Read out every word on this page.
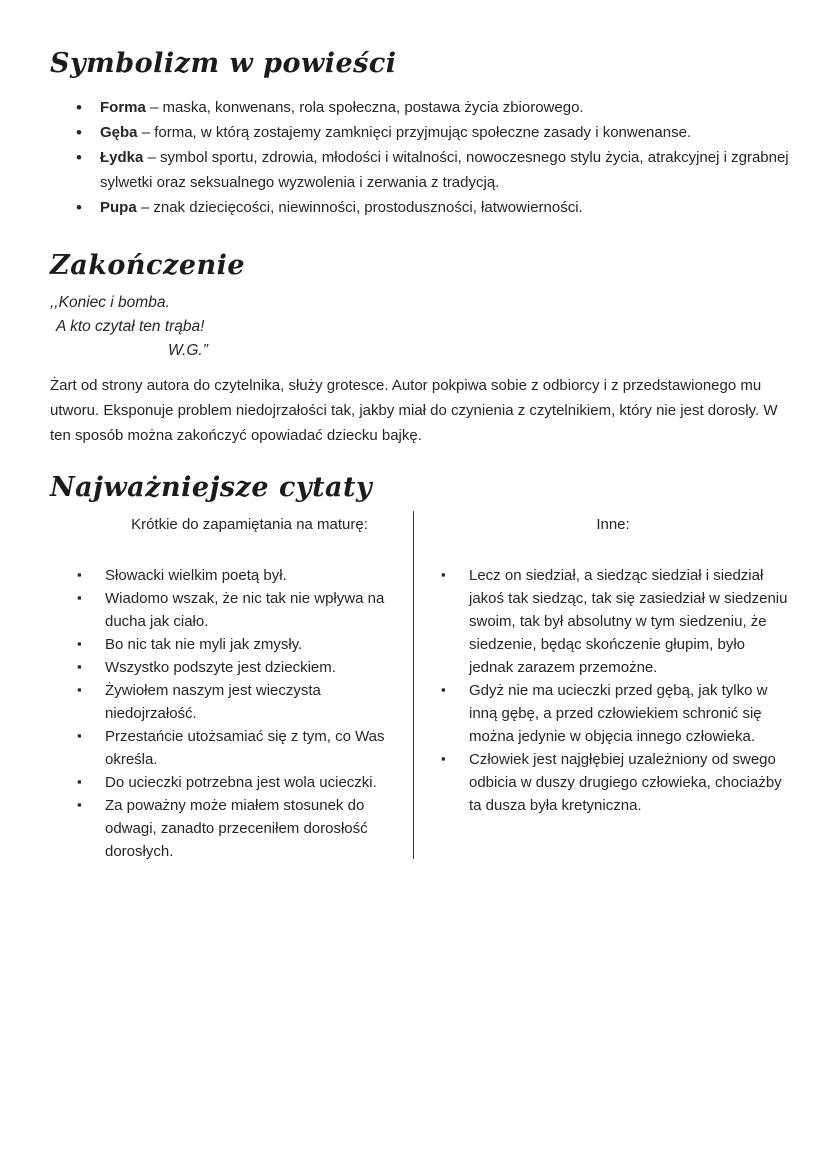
Symbolizm w powieści
• Forma – maska, konwenans, rola społeczna, postawa życia zbiorowego.
• Gęba – forma, w którą zostajemy zamknięci przyjmując społeczne zasady i konwenanse.
• Łydka – symbol sportu, zdrowia, młodości i witalności, nowoczesnego stylu życia, atrakcyjnej i zgrabnej sylwetki oraz seksualnego wyzwolenia i zerwania z tradycją.
• Pupa – znak dziecięcości, niewinności, prostoduszności, łatwowierności.
Zakończenie
,,Koniec i bomba.
A kto czytał ten trąba!
W.G.”

Żart od strony autora do czytelnika, służy grotesce. Autor pokpiwa sobie z odbiorcy i z przedstawionego mu utworu. Eksponuje problem niedojrzałości tak, jakby miał do czynienia z czytelnikiem, który nie jest dorosły. W ten sposób można zakończyć opowiadać dziecku bajkę.

Najważniejsze cytaty
Krótkie do zapamiętania na maturę:
▪ Słowacki wielkim poetą był.
▪ Wiadomo wszak, że nic tak nie wpływa na ducha jak ciało.
▪ Bo nic tak nie myli jak zmysły.
▪ Wszystko podszyte jest dzieckiem.
▪ Żywiołem naszym jest wieczysta niedojrzałość.
▪ Przestańcie utożsamiać się z tym, co Was określa.
▪ Do ucieczki potrzebna jest wola ucieczki.
▪ Za poważny może miałem stosunek do odwagi, zanadto przeceniłem dorosłość dorosłych.
Inne:
▪ Lecz on siedział, a siedząc siedział i siedział jakoś tak siedząc, tak się zasiedział w siedzeniu swoim, tak był absolutny w tym siedzeniu, że siedzenie, będąc skończenie głupim, było jednak zarazem przemożne.
▪ Gdyż nie ma ucieczki przed gębą, jak tylko w inną gębę, a przed człowiekiem schronić się można jedynie w objęcia innego człowieka.
▪ Człowiek jest najgłębiej uzależniony od swego odbicia w duszy drugiego człowieka, chociażby ta dusza była kretyniczna.
